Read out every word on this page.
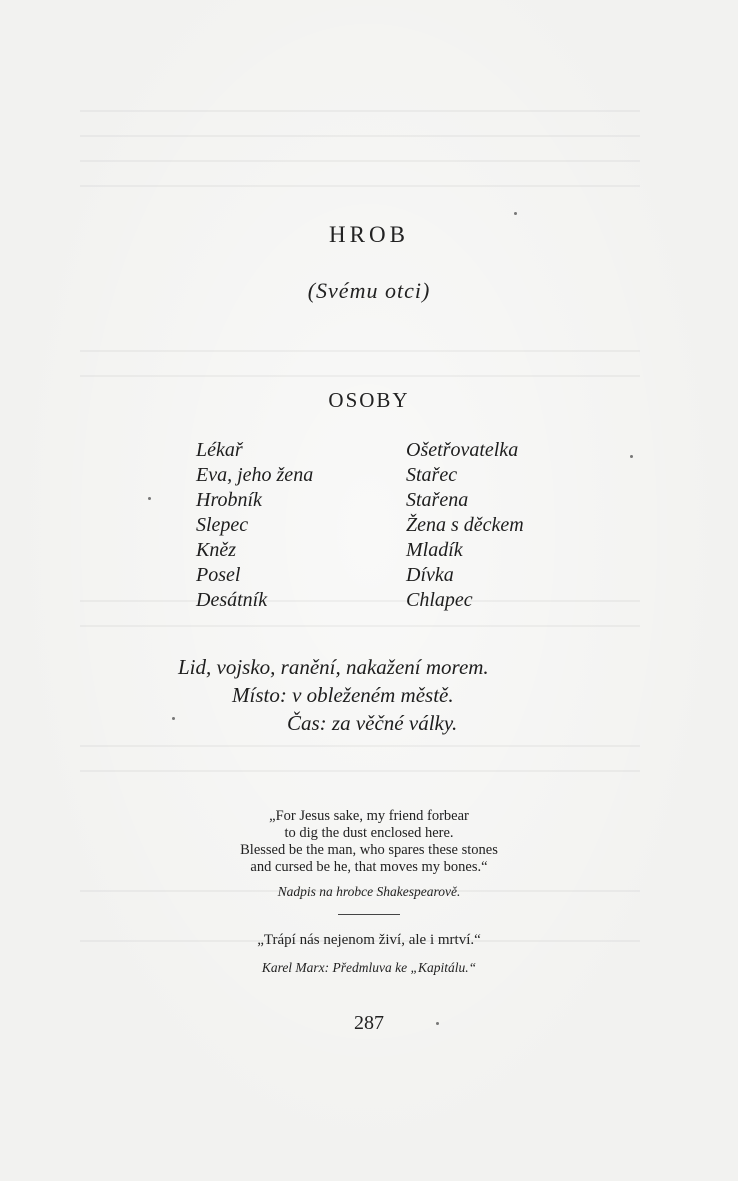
HROB
(Svému otci)
OSOBY
Lékař
Eva, jeho žena
Hrobník
Slepec
Kněz
Posel
Desátník
Ošetřovatelka
Stařec
Stařena
Žena s děckem
Mladík
Dívka
Chlapec
Lid, vojsko, ranění, nakažení morem.
Místo: v obleženém městě.
Čas: za věčné války.
„For Jesus sake, my friend forbear
to dig the dust enclosed here.
Blessed be the man, who spares these stones
and cursed be he, that moves my bones.“
Nadpis na hrobce Shakespearově.
„Trápí nás nejenom živí, ale i mrtví.“
Karel Marx: Předmluva ke „Kapitálu.“
287
